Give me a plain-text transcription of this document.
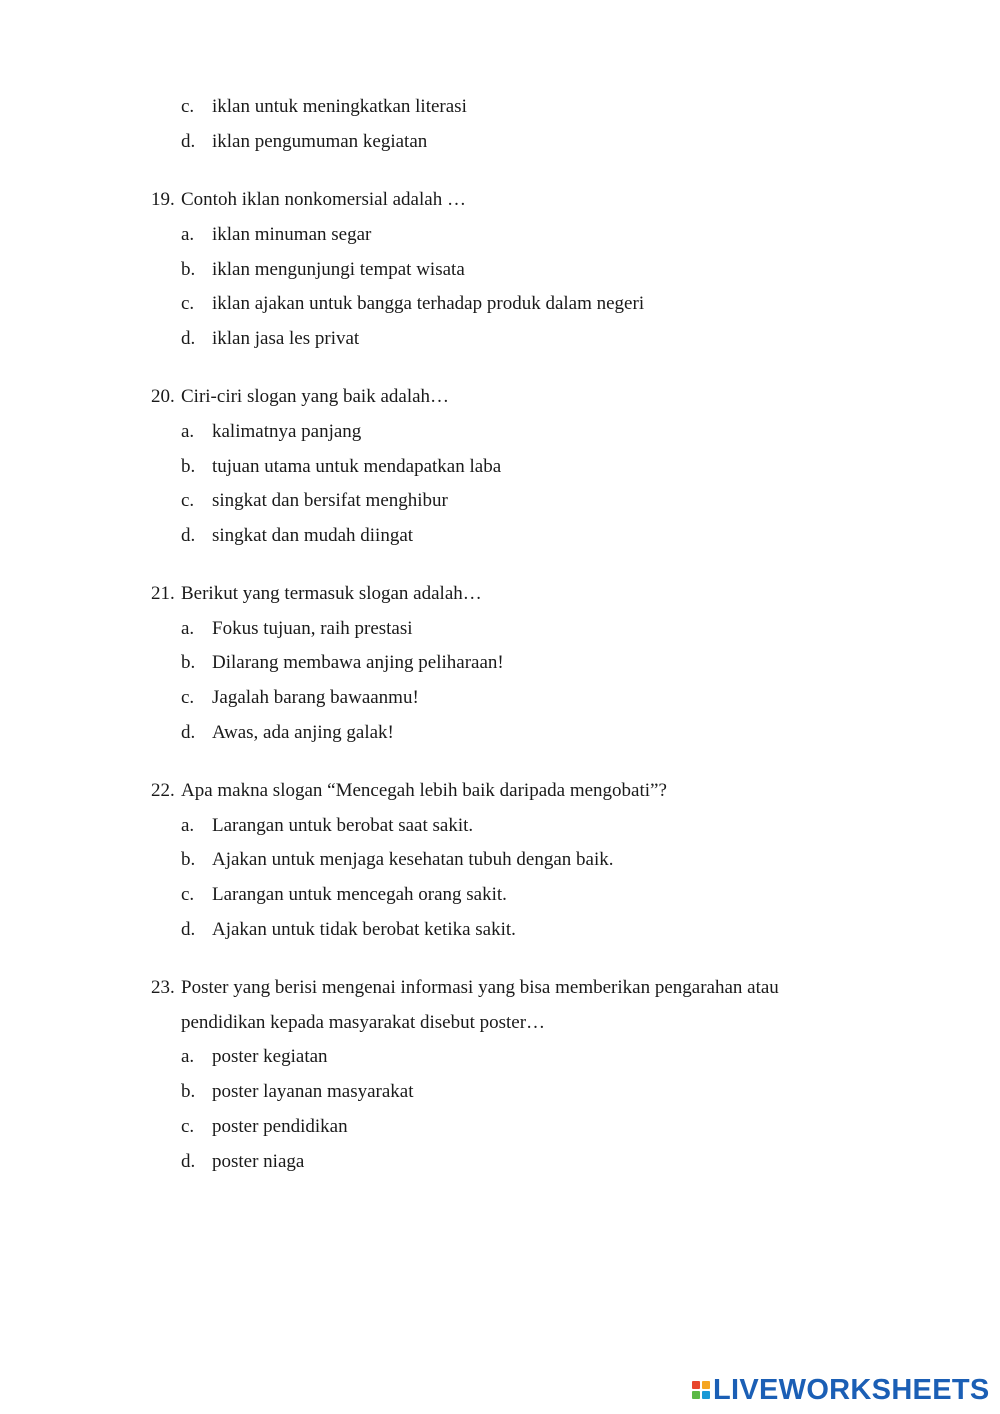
c. iklan untuk meningkatkan literasi
d. iklan pengumuman kegiatan
19. Contoh iklan nonkomersial adalah …
a. iklan minuman segar
b. iklan mengunjungi tempat wisata
c. iklan ajakan untuk bangga terhadap produk dalam negeri
d. iklan jasa les privat
20. Ciri-ciri slogan yang baik adalah…
a. kalimatnya panjang
b. tujuan utama untuk mendapatkan laba
c. singkat dan bersifat menghibur
d. singkat dan mudah diingat
21. Berikut yang termasuk slogan adalah…
a. Fokus tujuan, raih prestasi
b. Dilarang membawa anjing peliharaan!
c. Jagalah barang bawaanmu!
d. Awas, ada anjing galak!
22. Apa makna slogan “Mencegah lebih baik daripada mengobati”?
a. Larangan untuk berobat saat sakit.
b. Ajakan untuk menjaga kesehatan tubuh dengan baik.
c. Larangan untuk mencegah orang sakit.
d. Ajakan untuk tidak berobat ketika sakit.
23. Poster yang berisi mengenai informasi yang bisa memberikan pengarahan atau
pendidikan kepada masyarakat disebut poster…
a. poster kegiatan
b. poster layanan masyarakat
c. poster pendidikan
d. poster niaga
LIVEWORKSHEETS
